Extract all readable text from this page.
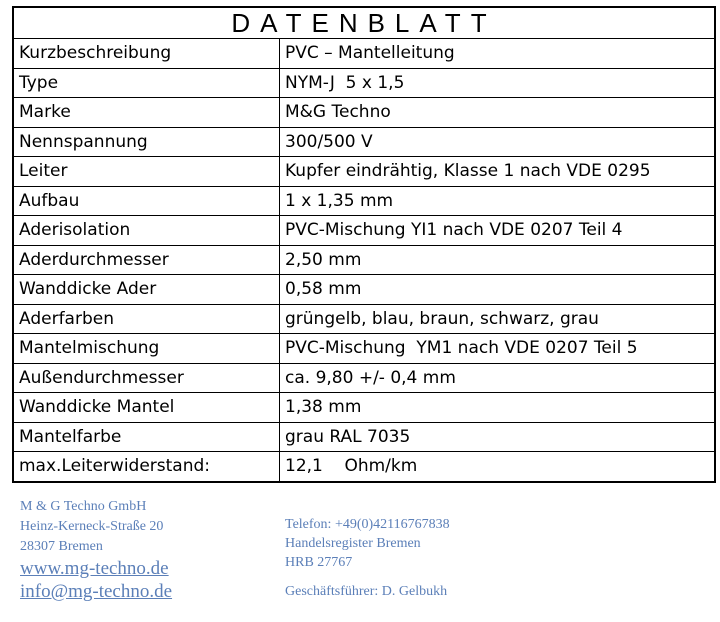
DATENBLATT
Kurzbeschreibung	PVC – Mantelleitung
Type	NYM-J  5 x 1,5
Marke	M&G Techno
Nennspannung	300/500 V
Leiter	Kupfer eindrähtig, Klasse 1 nach VDE 0295
Aufbau	1 x 1,35 mm
Aderisolation	PVC-Mischung YI1 nach VDE 0207 Teil 4
Aderdurchmesser	2,50 mm
Wanddicke Ader	0,58 mm
Aderfarben	grüngelb, blau, braun, schwarz, grau
Mantelmischung	PVC-Mischung  YM1 nach VDE 0207 Teil 5
Außendurchmesser	ca. 9,80 +/- 0,4 mm
Wanddicke Mantel	1,38 mm
Mantelfarbe	grau RAL 7035
max.Leiterwiderstand:	12,1    Ohm/km
M & G Techno GmbH
Heinz-Kerneck-Straße 20
28307 Bremen
www.mg-techno.de
info@mg-techno.de
Telefon: +49(0)42116767838
Handelsregister Bremen
HRB 27767
Geschäftsführer: D. Gelbukh
